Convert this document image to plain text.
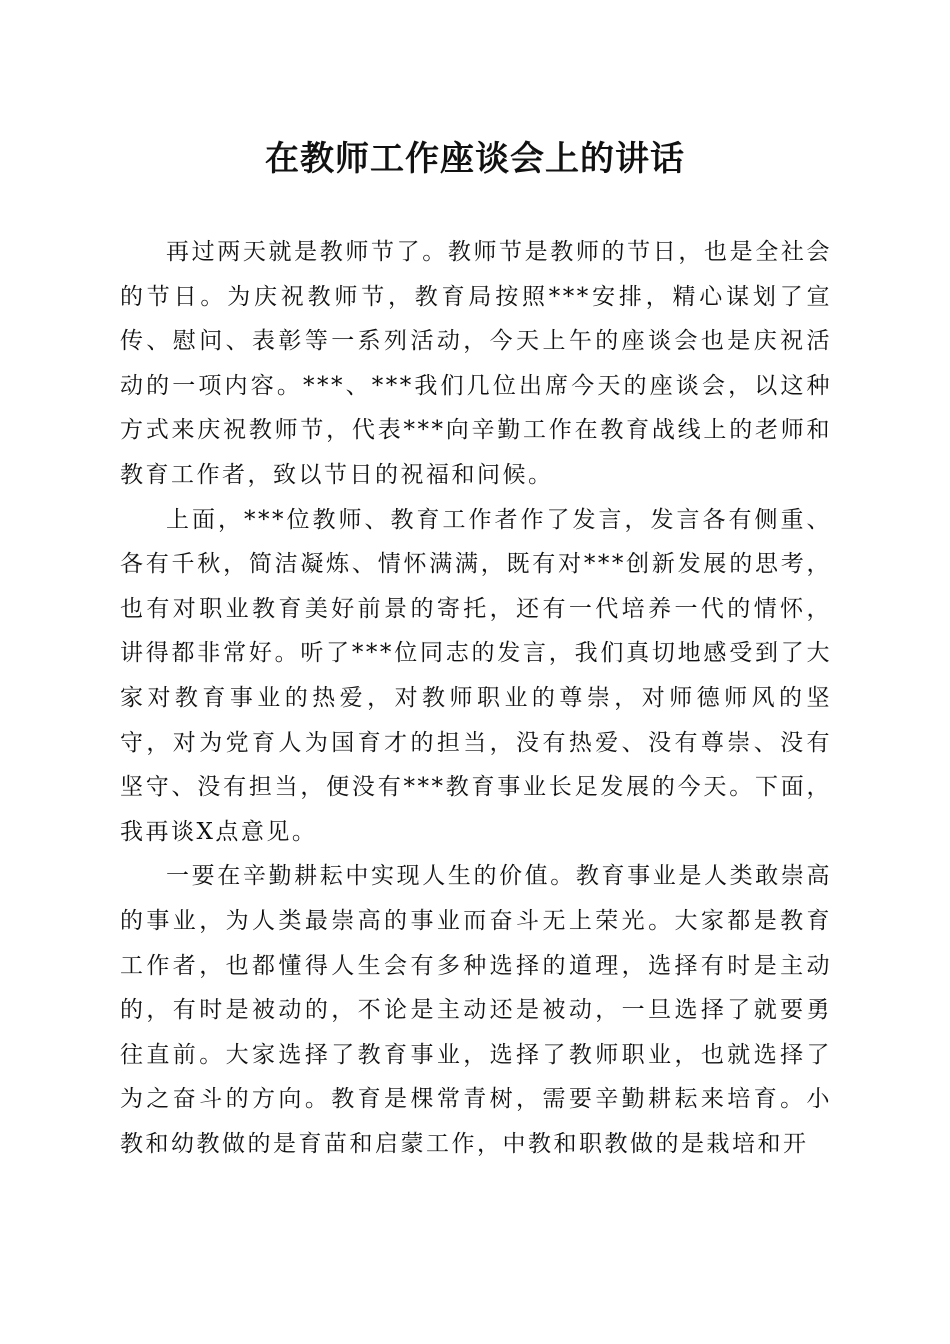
在教师工作座谈会上的讲话

再过两天就是教师节了。教师节是教师的节日，也是全社会的节日。为庆祝教师节，教育局按照***安排，精心谋划了宣传、慰问、表彰等一系列活动，今天上午的座谈会也是庆祝活动的一项内容。***、***我们几位出席今天的座谈会，以这种方式来庆祝教师节，代表***向辛勤工作在教育战线上的老师和教育工作者，致以节日的祝福和问候。

上面，***位教师、教育工作者作了发言，发言各有侧重、各有千秋，简洁凝炼、情怀满满，既有对***创新发展的思考，也有对职业教育美好前景的寄托，还有一代培养一代的情怀，讲得都非常好。听了***位同志的发言，我们真切地感受到了大家对教育事业的热爱，对教师职业的尊崇，对师德师风的坚守，对为党育人为国育才的担当，没有热爱、没有尊崇、没有坚守、没有担当，便没有***教育事业长足发展的今天。下面，我再谈X点意见。

一要在辛勤耕耘中实现人生的价值。教育事业是人类敢崇高的事业，为人类最崇高的事业而奋斗无上荣光。大家都是教育工作者，也都懂得人生会有多种选择的道理，选择有时是主动的，有时是被动的，不论是主动还是被动，一旦选择了就要勇往直前。大家选择了教育事业，选择了教师职业，也就选择了为之奋斗的方向。教育是棵常青树，需要辛勤耕耘来培育。小教和幼教做的是育苗和启蒙工作，中教和职教做的是栽培和开
